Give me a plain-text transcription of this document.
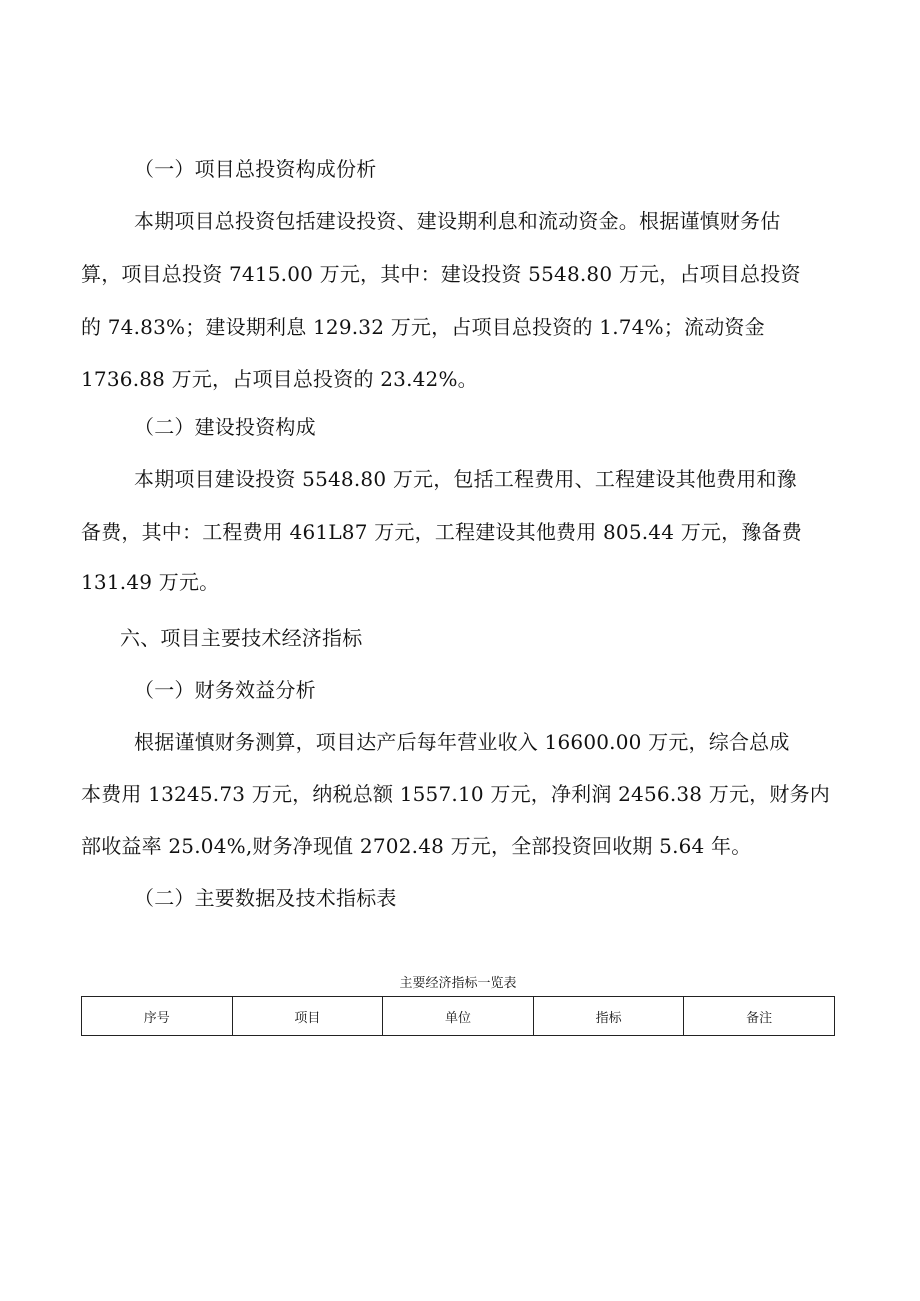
（一）项目总投资构成份析
本期项目总投资包括建设投资、建设期利息和流动资金。根据谨慎财务估
算，项目总投资 7415.00 万元，其中：建设投资 5548.80 万元，占项目总投资
的 74.83%；建设期利息 129.32 万元，占项目总投资的 1.74%；流动资金
1736.88 万元，占项目总投资的 23.42%。
（二）建设投资构成
本期项目建设投资 5548.80 万元，包括工程费用、工程建设其他费用和豫
备费，其中：工程费用 461L87 万元，工程建设其他费用 805.44 万元，豫备费
131.49 万元。
六、项目主要技术经济指标
（一）财务效益分析
根据谨慎财务测算，项目达产后每年营业收入 16600.00 万元，综合总成
本费用 13245.73 万元，纳税总额 1557.10 万元，净利润 2456.38 万元，财务内
部收益率 25.04%,财务净现值 2702.48 万元，全部投资回收期 5.64 年。
（二）主要数据及技术指标表
主要经济指标一览表
序号	项目	单位	指标	备注
